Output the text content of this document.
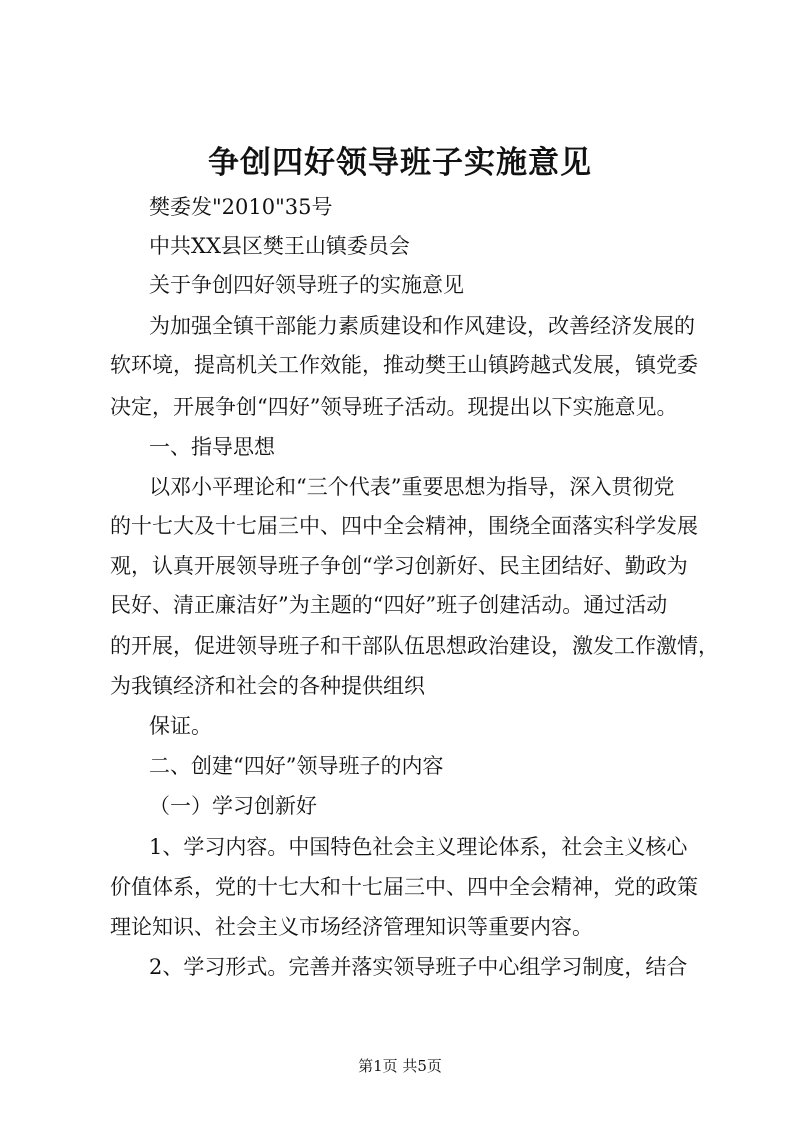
争创四好领导班子实施意见
樊委发"2010"35号
中共XX县区樊王山镇委员会
关于争创四好领导班子的实施意见
为加强全镇干部能力素质建设和作风建设，改善经济发展的
软环境，提高机关工作效能，推动樊王山镇跨越式发展，镇党委
决定，开展争创“四好”领导班子活动。现提出以下实施意见。
一、指导思想
以邓小平理论和“三个代表”重要思想为指导，深入贯彻党
的十七大及十七届三中、四中全会精神，围绕全面落实科学发展
观，认真开展领导班子争创“学习创新好、民主团结好、勤政为
民好、清正廉洁好”为主题的“四好”班子创建活动。通过活动
的开展，促进领导班子和干部队伍思想政治建设，激发工作激情，
为我镇经济和社会的各种提供组织
保证。
二、创建“四好”领导班子的内容
（一）学习创新好
1、学习内容。中国特色社会主义理论体系，社会主义核心
价值体系，党的十七大和十七届三中、四中全会精神，党的政策
理论知识、社会主义市场经济管理知识等重要内容。
2、学习形式。完善并落实领导班子中心组学习制度，结合
第1页 共5页
